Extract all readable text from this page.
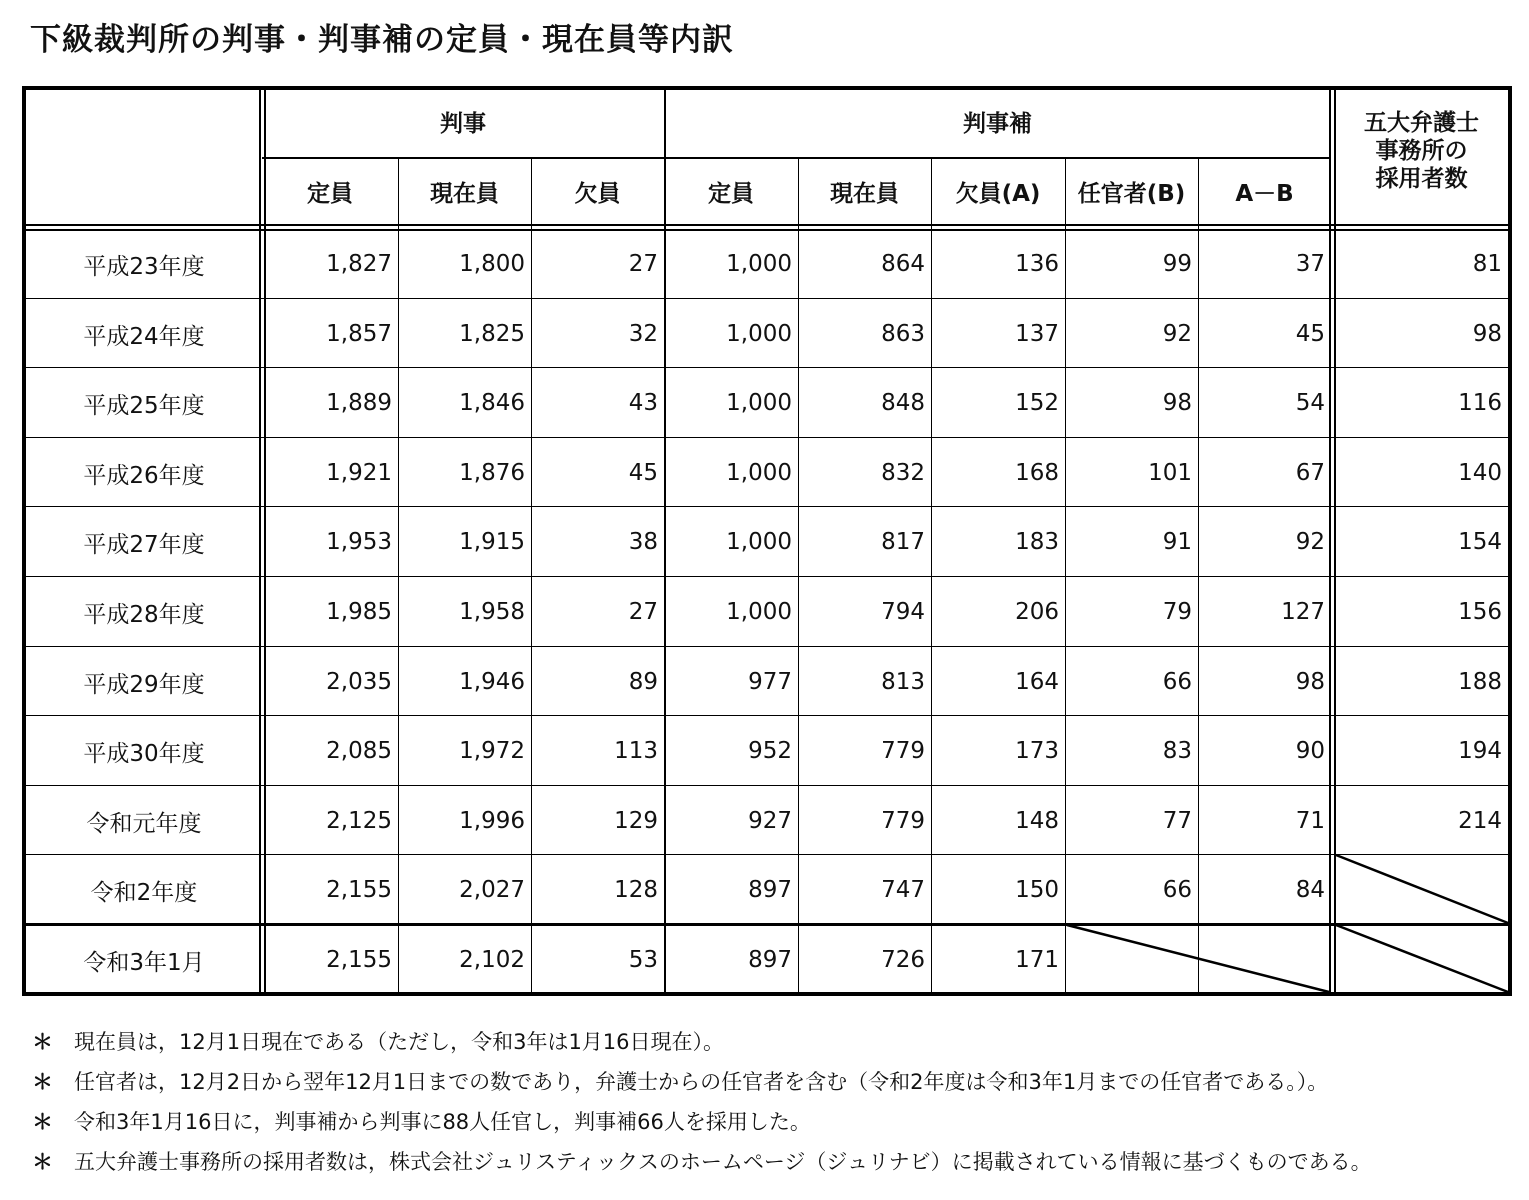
下級裁判所の判事・判事補の定員・現在員等内訳
判事	判事補	五大弁護士
事務所の
採用者数
定員	現在員	欠員	定員	現在員	欠員(A)	任官者(B)	A－B
平成23年度	1,827	1,800	27	1,000	864	136	99	37	81
平成24年度	1,857	1,825	32	1,000	863	137	92	45	98
平成25年度	1,889	1,846	43	1,000	848	152	98	54	116
平成26年度	1,921	1,876	45	1,000	832	168	101	67	140
平成27年度	1,953	1,915	38	1,000	817	183	91	92	154
平成28年度	1,985	1,958	27	1,000	794	206	79	127	156
平成29年度	2,035	1,946	89	977	813	164	66	98	188
平成30年度	2,085	1,972	113	952	779	173	83	90	194
令和元年度	2,125	1,996	129	927	779	148	77	71	214
令和2年度	2,155	2,027	128	897	747	150	66	84
令和3年1月	2,155	2,102	53	897	726	171
＊	現在員は，12月1日現在である（ただし，令和3年は1月16日現在）。
＊	任官者は，12月2日から翌年12月1日までの数であり，弁護士からの任官者を含む（令和2年度は令和3年1月までの任官者である。）。
＊	令和3年1月16日に，判事補から判事に88人任官し，判事補66人を採用した。
＊	五大弁護士事務所の採用者数は，株式会社ジュリスティックスのホームページ（ジュリナビ）に掲載されている情報に基づくものである。
